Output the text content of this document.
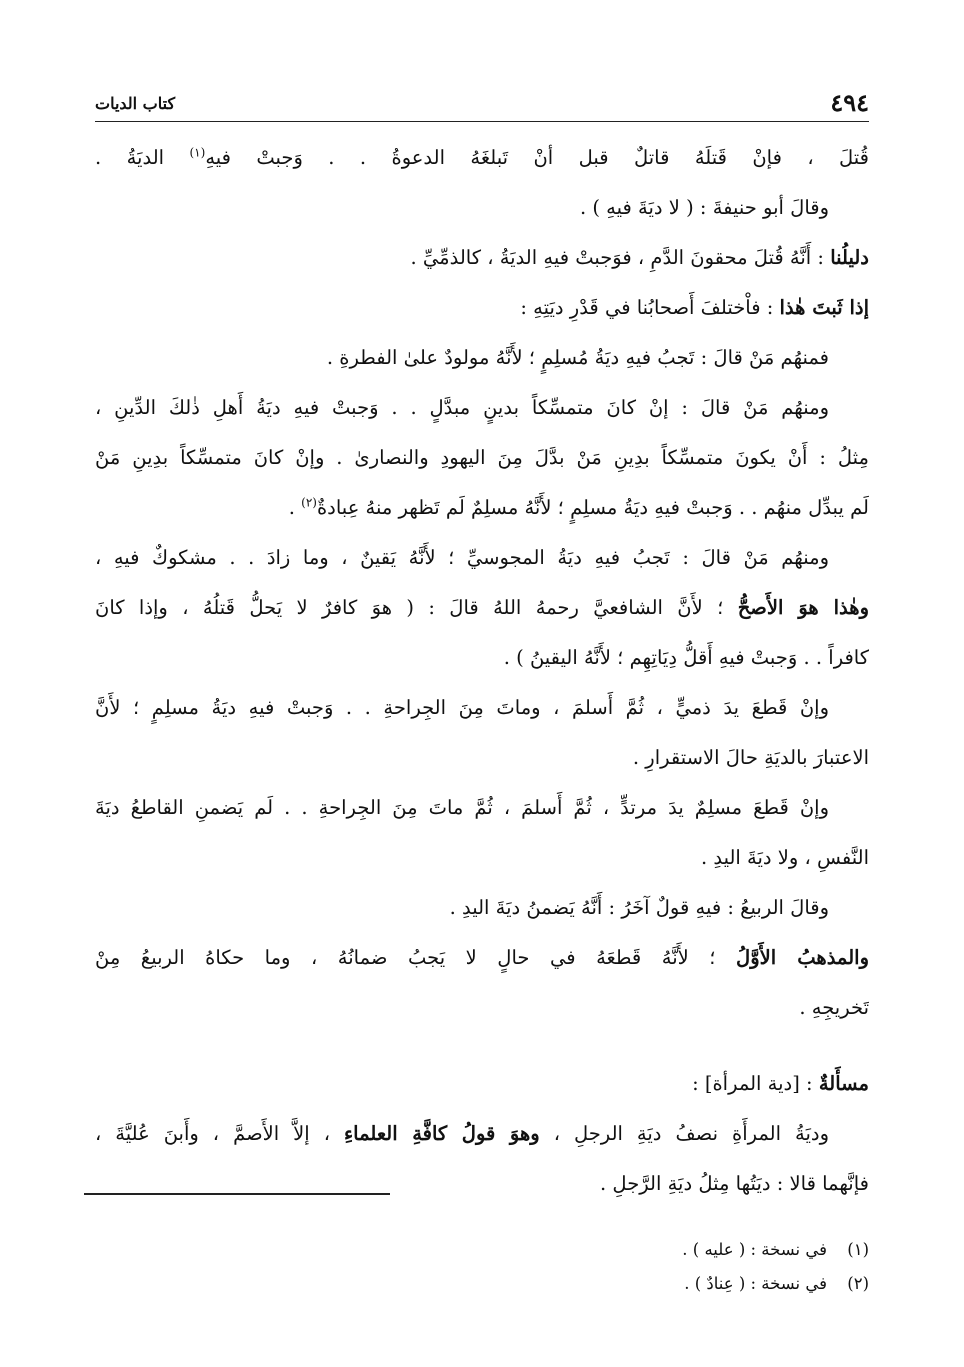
٤٩٤
كتاب الديات
قُتلَ ، فإنْ قَتلَهُ قاتلٌ قبل أنْ تَبلغَهُ الدعوةُ . . وَجبتْ فيهِ$^{(١)}$ الديَةُ .
وقالَ أبو حنيفةَ : ( لا ديَةَ فيهِ ) .
دليلُنا : أَنَّهُ قُتلَ محقونَ الدَّمِ ، فوَجبتْ فيهِ الديَةُ ، كالذمِّيِّ .
إذا ثَبتَ هٰذا : فاْختلفَ أَصحابُنا في قَدْرِ ديَتِهِ :
فمنهُم مَنْ قالَ : تَجبُ فيهِ ديَةُ مُسلِمٍ ؛ لأَنَّهُ مولودٌ علىٰ الفطرةِ .
ومنهُم مَنْ قالَ : إنْ كانَ متمسِّكاً بدينٍ مبدَّلٍ . . وَجبتْ فيهِ ديَةُ أَهلِ ذٰلكَ الدِّينِ ،
مِثلُ : أَنْ يكونَ متمسِّكاً بدِينِ مَنْ بدَّلَ مِنَ اليهودِ والنصارىٰ . وإنْ كانَ متمسِّكاً بدِينِ مَنْ
لَم يبدِّل منهُم . . وَجبتْ فيهِ ديَةُ مسلِمٍ ؛ لأَنَّهُ مسلِمٌ لَم تَظهر منهُ عِبادةٌ$^{(٢)}$ .
ومنهُم مَنْ قالَ : تَجبُ فيهِ ديَةُ المجوسيِّ ؛ لأَنَّهُ يَقينٌ ، وما زادَ . . مشكوكٌ فيهِ ،
وهٰذا هوَ الأَصحُّ ؛ لأَنَّ الشافعيَّ رحمهُ اللهُ قالَ : ( هوَ كافرٌ لا يَحلُّ قَتلُهُ ، وإذا كانَ
كافراً . . وَجبتْ فيهِ أَقلُّ دِيَاتِهِم ؛ لأَنَّهُ اليقينُ ) .
وإنْ قَطعَ يدَ ذميٍّ ، ثُمَّ أَسلمَ ، وماتَ مِنَ الجِراحةِ . . وَجبتْ فيهِ ديَةُ مسلِمٍ ؛ لأَنَّ
الاعتبارَ بالديَةِ حالَ الاستقرارِ .
وإنْ قَطعَ مسلِمٌ يدَ مرتدٍّ ، ثُمَّ أَسلمَ ، ثُمَّ ماتَ مِنَ الجِراحةِ . . لَم يَضمنِ القاطعُ ديَةَ
النَّفسِ ، ولا ديَةَ اليدِ .
وقالَ الربيعُ : فيهِ قولٌ آخَرُ : أَنَّهُ يَضمنُ ديَةَ اليدِ .
والمذهبُ الأَوَّلُ ؛ لأَنَّهُ قَطعَهُ في حالٍ لا يَجبُ ضمانُهُ ، وما حكاهُ الربيعُ مِنْ
تَخريجِهِ .
مسأَلةٌ : [دية المرأة] :
وديَةُ المرأَةِ نصفُ ديَةِ الرجلِ ، وهوَ قولُ كافَّةِ العلماءِ ، إلاَّ الأَصمَّ ، وأَبنَ عُليَّةَ ،
فإنَّهما قالا : ديَتُها مِثلُ ديَةِ الرَّجلِ .
(١)في نسخة : ( عليه ) .
(٢)في نسخة : ( عِنادٌ ) .
